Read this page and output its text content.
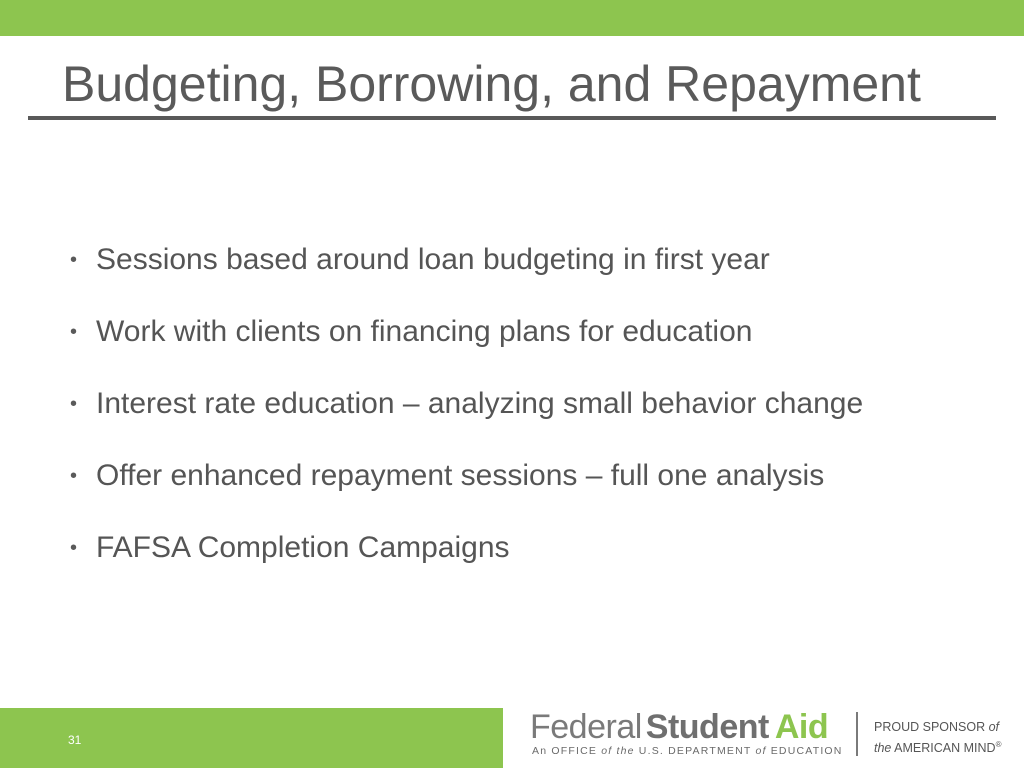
Budgeting, Borrowing, and Repayment
• Sessions based around loan budgeting in first year
• Work with clients on financing plans for education
• Interest rate education – analyzing small behavior change
• Offer enhanced repayment sessions – full one analysis
• FAFSA Completion Campaigns
31	Federal Student Aid
An OFFICE of the U.S. DEPARTMENT of EDUCATION
PROUD SPONSOR of
the AMERICAN MIND®
